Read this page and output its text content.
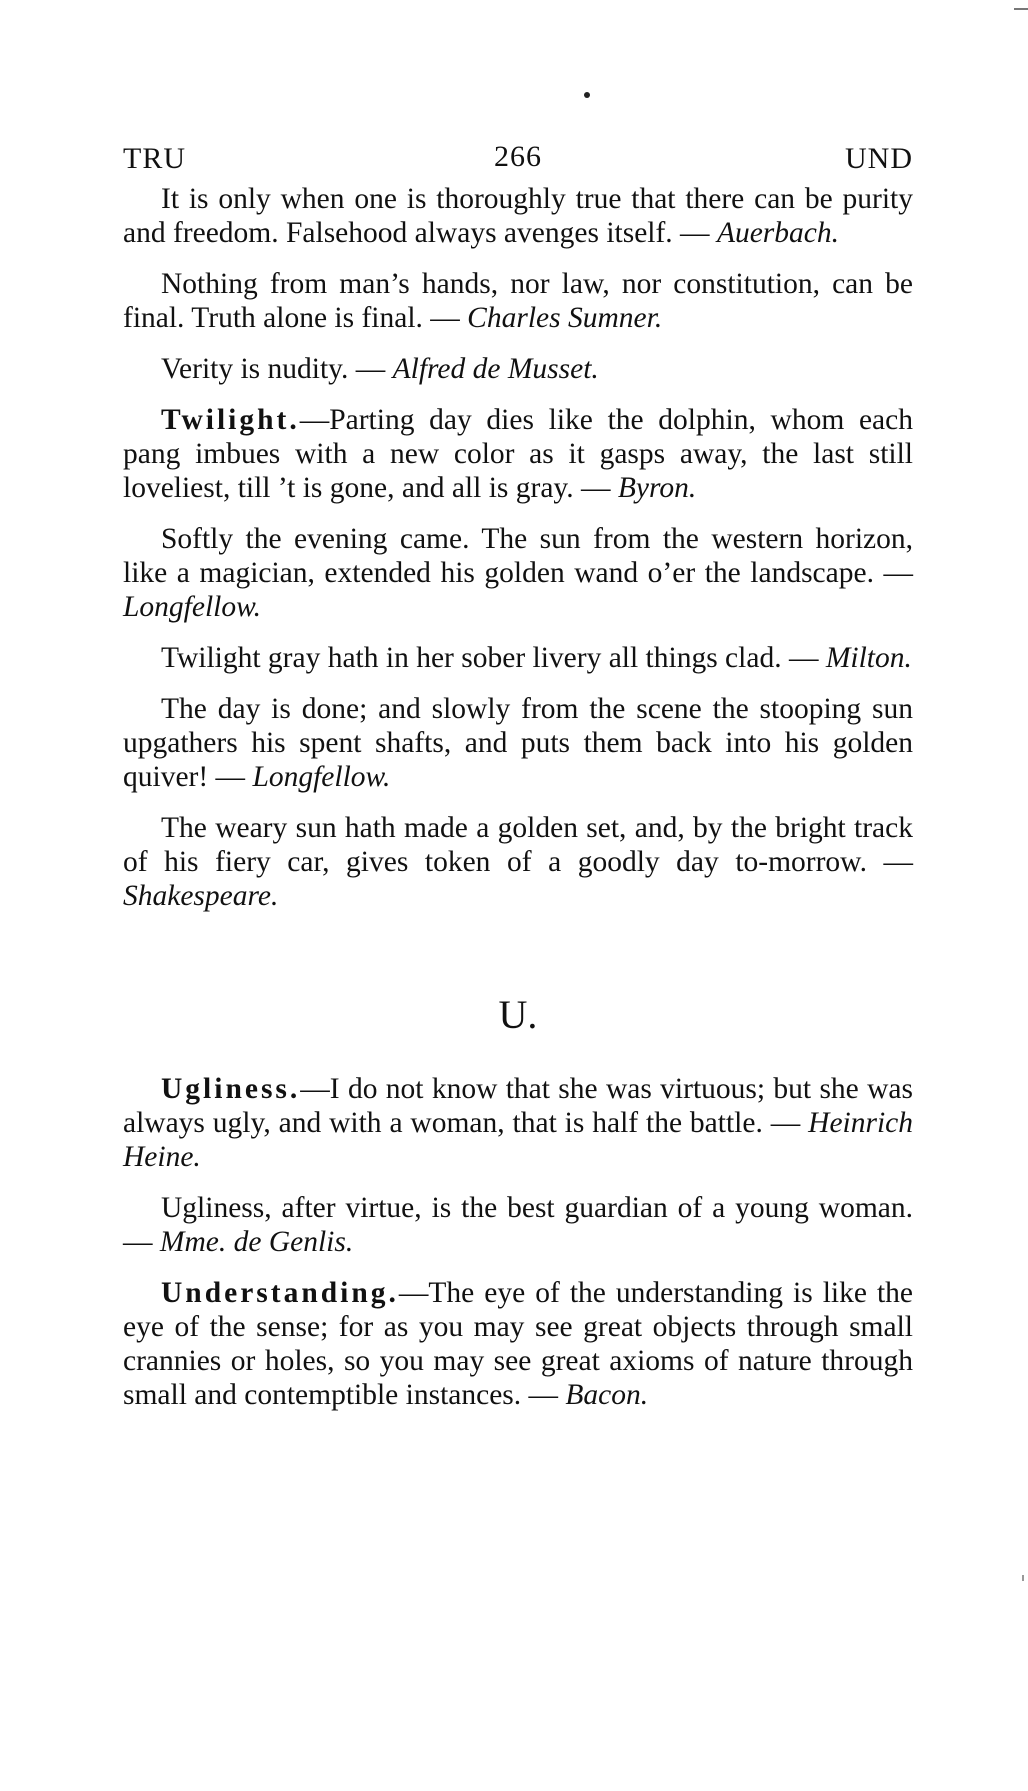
TRU	266	UND

It is only when one is thoroughly true that there can be purity and freedom. Falsehood always avenges itself. — Auerbach.

Nothing from man’s hands, nor law, nor constitution, can be final. Truth alone is final. — Charles Sumner.

Verity is nudity. — Alfred de Musset.

Twilight.—Parting day dies like the dolphin, whom each pang imbues with a new color as it gasps away, the last still loveliest, till ’t is gone, and all is gray. — Byron.

Softly the evening came. The sun from the western horizon, like a magician, extended his golden wand o’er the landscape. — Longfellow.

Twilight gray hath in her sober livery all things clad. — Milton.

The day is done; and slowly from the scene the stooping sun upgathers his spent shafts, and puts them back into his golden quiver! — Longfellow.

The weary sun hath made a golden set, and, by the bright track of his fiery car, gives token of a goodly day to-morrow. — Shakespeare.

U.

Ugliness.—I do not know that she was virtuous; but she was always ugly, and with a woman, that is half the battle. — Heinrich Heine.

Ugliness, after virtue, is the best guardian of a young woman. — Mme. de Genlis.

Understanding.—The eye of the understanding is like the eye of the sense; for as you may see great objects through small crannies or holes, so you may see great axioms of nature through small and contemptible instances. — Bacon.
